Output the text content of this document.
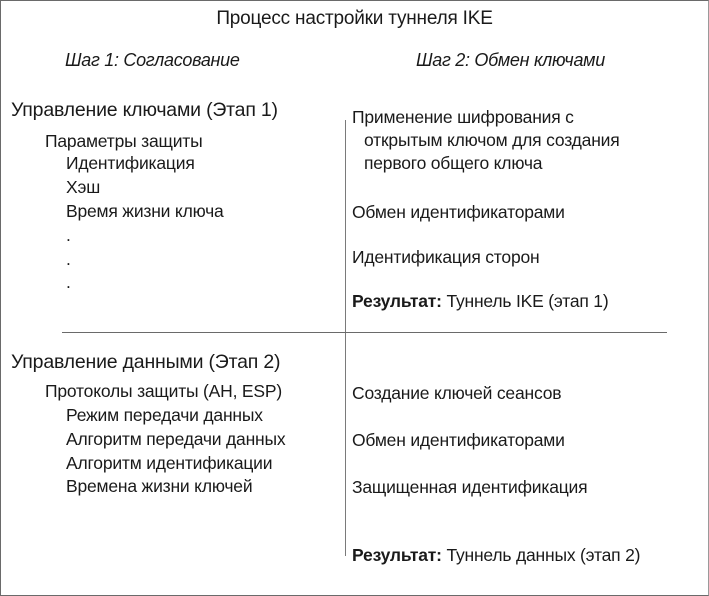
Процесс настройки туннеля IKE
Шаг 1: Согласование	Шаг 2: Обмен ключами
Управление ключами (Этап 1)
Параметры защиты
Идентификация
Хэш
Время жизни ключа
.
.
.
Применение шифрования с
открытым ключом для создания
первого общего ключа
Обмен идентификаторами
Идентификация сторон
Результат: Туннель IKE (этап 1)
Управление данными (Этап 2)
Протоколы защиты (AH, ESP)
Режим передачи данных
Алгоритм передачи данных
Алгоритм идентификации
Времена жизни ключей
Создание ключей сеансов
Обмен идентификаторами
Защищенная идентификация
Результат: Туннель данных (этап 2)
